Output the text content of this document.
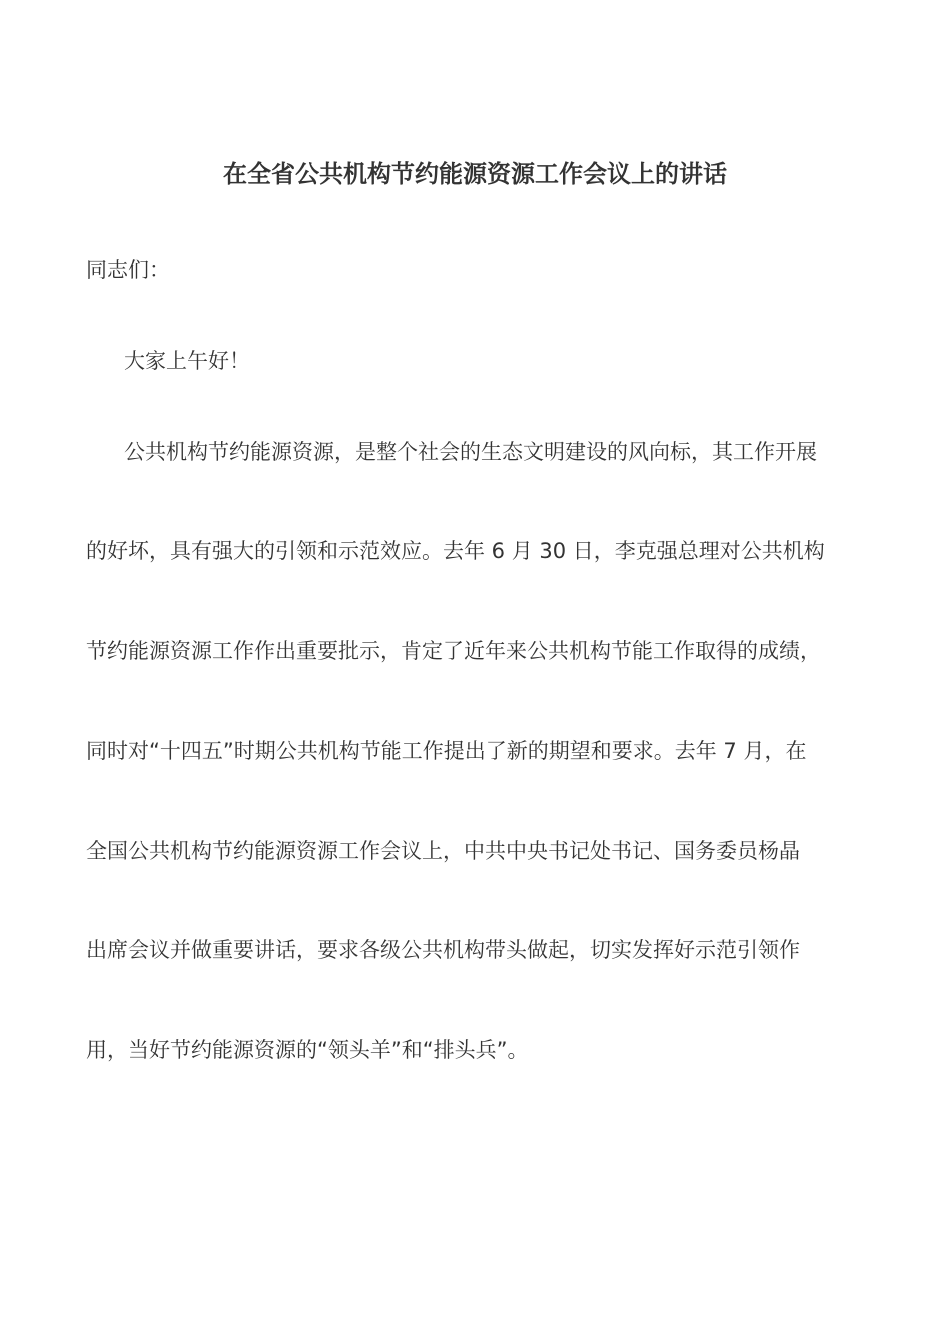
在全省公共机构节约能源资源工作会议上的讲话
同志们：
大家上午好！
公共机构节约能源资源，是整个社会的生态文明建设的风向标，其工作开展
的好坏，具有强大的引领和示范效应。去年 6 月 30 日，李克强总理对公共机构
节约能源资源工作作出重要批示，肯定了近年来公共机构节能工作取得的成绩，
同时对“十四五”时期公共机构节能工作提出了新的期望和要求。去年 7 月，在
全国公共机构节约能源资源工作会议上，中共中央书记处书记、国务委员杨晶
出席会议并做重要讲话，要求各级公共机构带头做起，切实发挥好示范引领作
用，当好节约能源资源的“领头羊”和“排头兵”。
